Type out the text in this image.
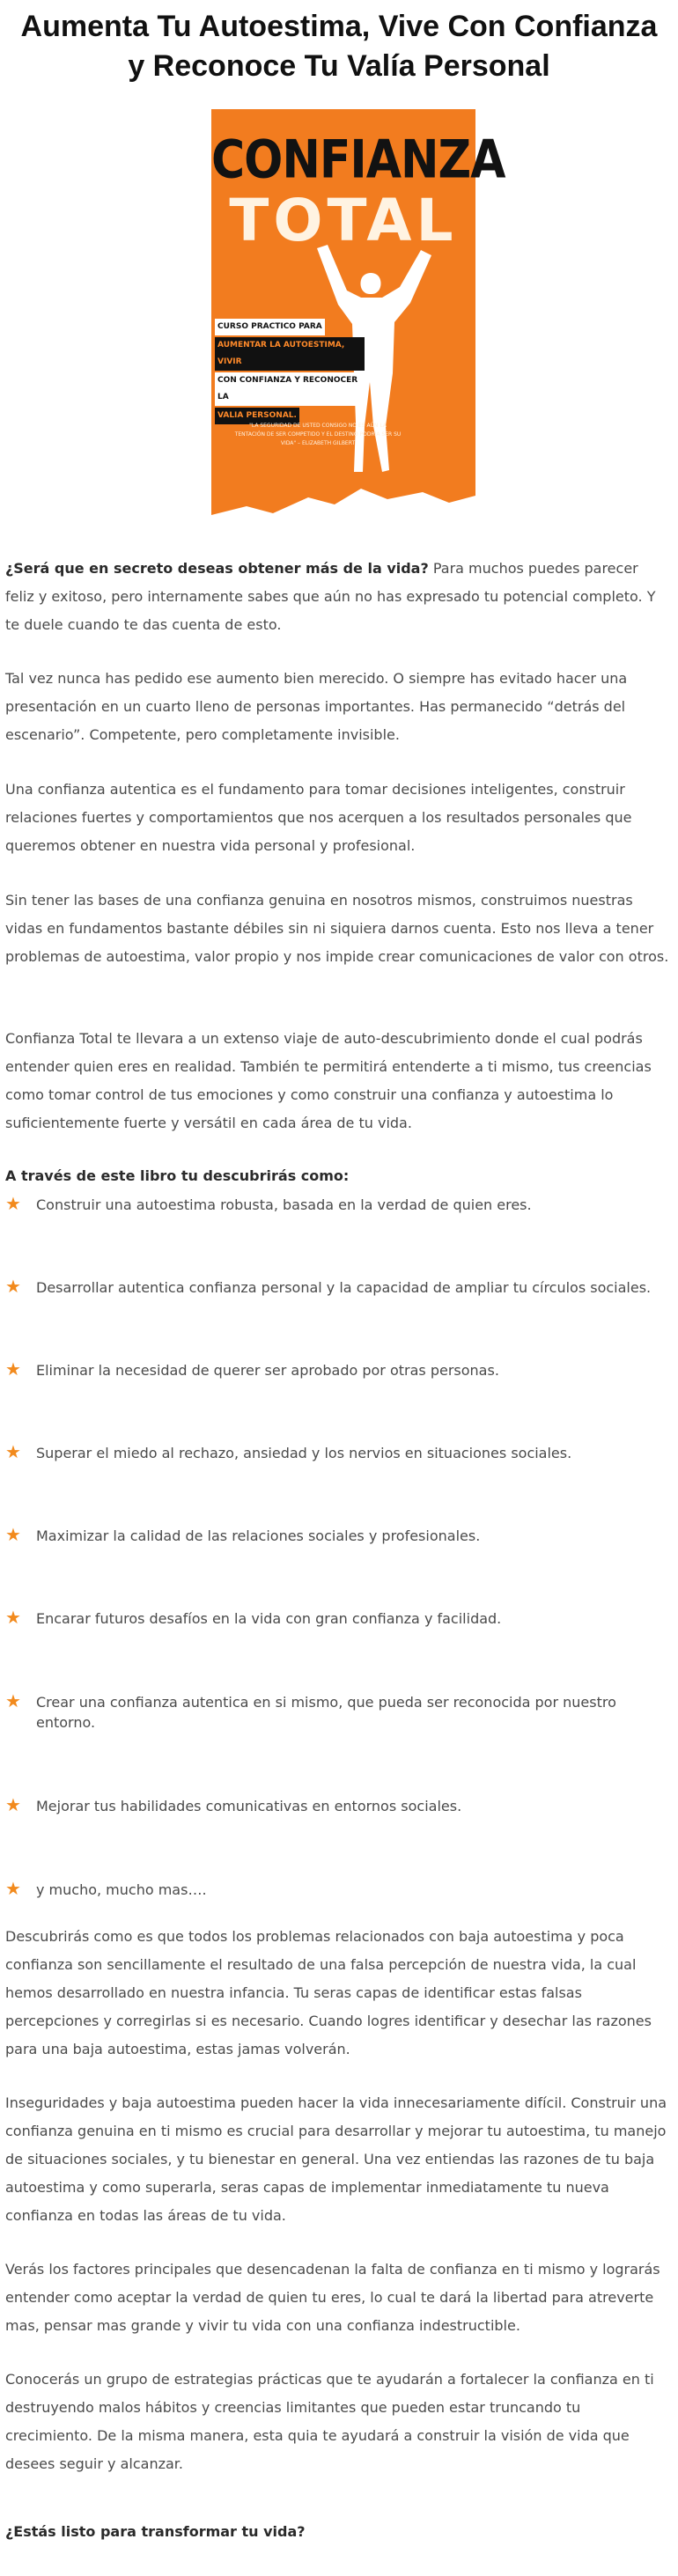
Aumenta Tu Autoestima, Vive Con Confianza y Reconoce Tu Valía Personal
CONFIANZA
TOTAL
CURSO PRACTICO PARA
AUMENTAR LA AUTOESTIMA, VIVIR
CON CONFIANZA Y RECONOCER LA
VALIA PERSONAL.
"LA SEGURIDAD DE USTED CONSIGO NO ES AÚN LA TENTACIÓN DE SER COMPETIDO Y EL DESTINO PODRÍA SER SU VIDA" – ELIZABETH GILBERT

¿Será que en secreto deseas obtener más de la vida? Para muchos puedes parecer feliz y exitoso, pero internamente sabes que aún no has expresado tu potencial completo. Y te duele cuando te das cuenta de esto.

Tal vez nunca has pedido ese aumento bien merecido. O siempre has evitado hacer una presentación en un cuarto lleno de personas importantes. Has permanecido “detrás del escenario”. Competente, pero completamente invisible.

Una confianza autentica es el fundamento para tomar decisiones inteligentes, construir relaciones fuertes y comportamientos que nos acerquen a los resultados personales que queremos obtener en nuestra vida personal y profesional.

Sin tener las bases de una confianza genuina en nosotros mismos, construimos nuestras vidas en fundamentos bastante débiles sin ni siquiera darnos cuenta. Esto nos lleva a tener problemas de autoestima, valor propio y nos impide crear comunicaciones de valor con otros.

Confianza Total te llevara a un extenso viaje de auto-descubrimiento donde el cual podrás entender quien eres en realidad. También te permitirá entenderte a ti mismo, tus creencias como tomar control de tus emociones y como construir una confianza y autoestima lo suficientemente fuerte y versátil en cada área de tu vida.

A través de este libro tu descubrirás como:

★ Construir una autoestima robusta, basada en la verdad de quien eres.
★ Desarrollar autentica confianza personal y la capacidad de ampliar tu círculos sociales.
★ Eliminar la necesidad de querer ser aprobado por otras personas.
★ Superar el miedo al rechazo, ansiedad y los nervios en situaciones sociales.
★ Maximizar la calidad de las relaciones sociales y profesionales.
★ Encarar futuros desafíos en la vida con gran confianza y facilidad.
★ Crear una confianza autentica en si mismo, que pueda ser reconocida por nuestro entorno.
★ Mejorar tus habilidades comunicativas en entornos sociales.
★ y mucho, mucho mas….

Descubrirás como es que todos los problemas relacionados con baja autoestima y poca confianza son sencillamente el resultado de una falsa percepción de nuestra vida, la cual hemos desarrollado en nuestra infancia. Tu seras capas de identificar estas falsas percepciones y corregirlas si es necesario. Cuando logres identificar y desechar las razones para una baja autoestima, estas jamas volverán.

Inseguridades y baja autoestima pueden hacer la vida innecesariamente difícil. Construir una confianza genuina en ti mismo es crucial para desarrollar y mejorar tu autoestima, tu manejo de situaciones sociales, y tu bienestar en general. Una vez entiendas las razones de tu baja autoestima y como superarla, seras capas de implementar inmediatamente tu nueva confianza en todas las áreas de tu vida.

Verás los factores principales que desencadenan la falta de confianza en ti mismo y lograrás entender como aceptar la verdad de quien tu eres, lo cual te dará la libertad para atreverte mas, pensar mas grande y vivir tu vida con una confianza indestructible.

Conocerás un grupo de estrategias prácticas que te ayudarán a fortalecer la confianza en ti destruyendo malos hábitos y creencias limitantes que pueden estar truncando tu crecimiento. De la misma manera, esta quia te ayudará a construir la visión de vida que desees seguir y alcanzar.

¿Estás listo para transformar tu vida?
